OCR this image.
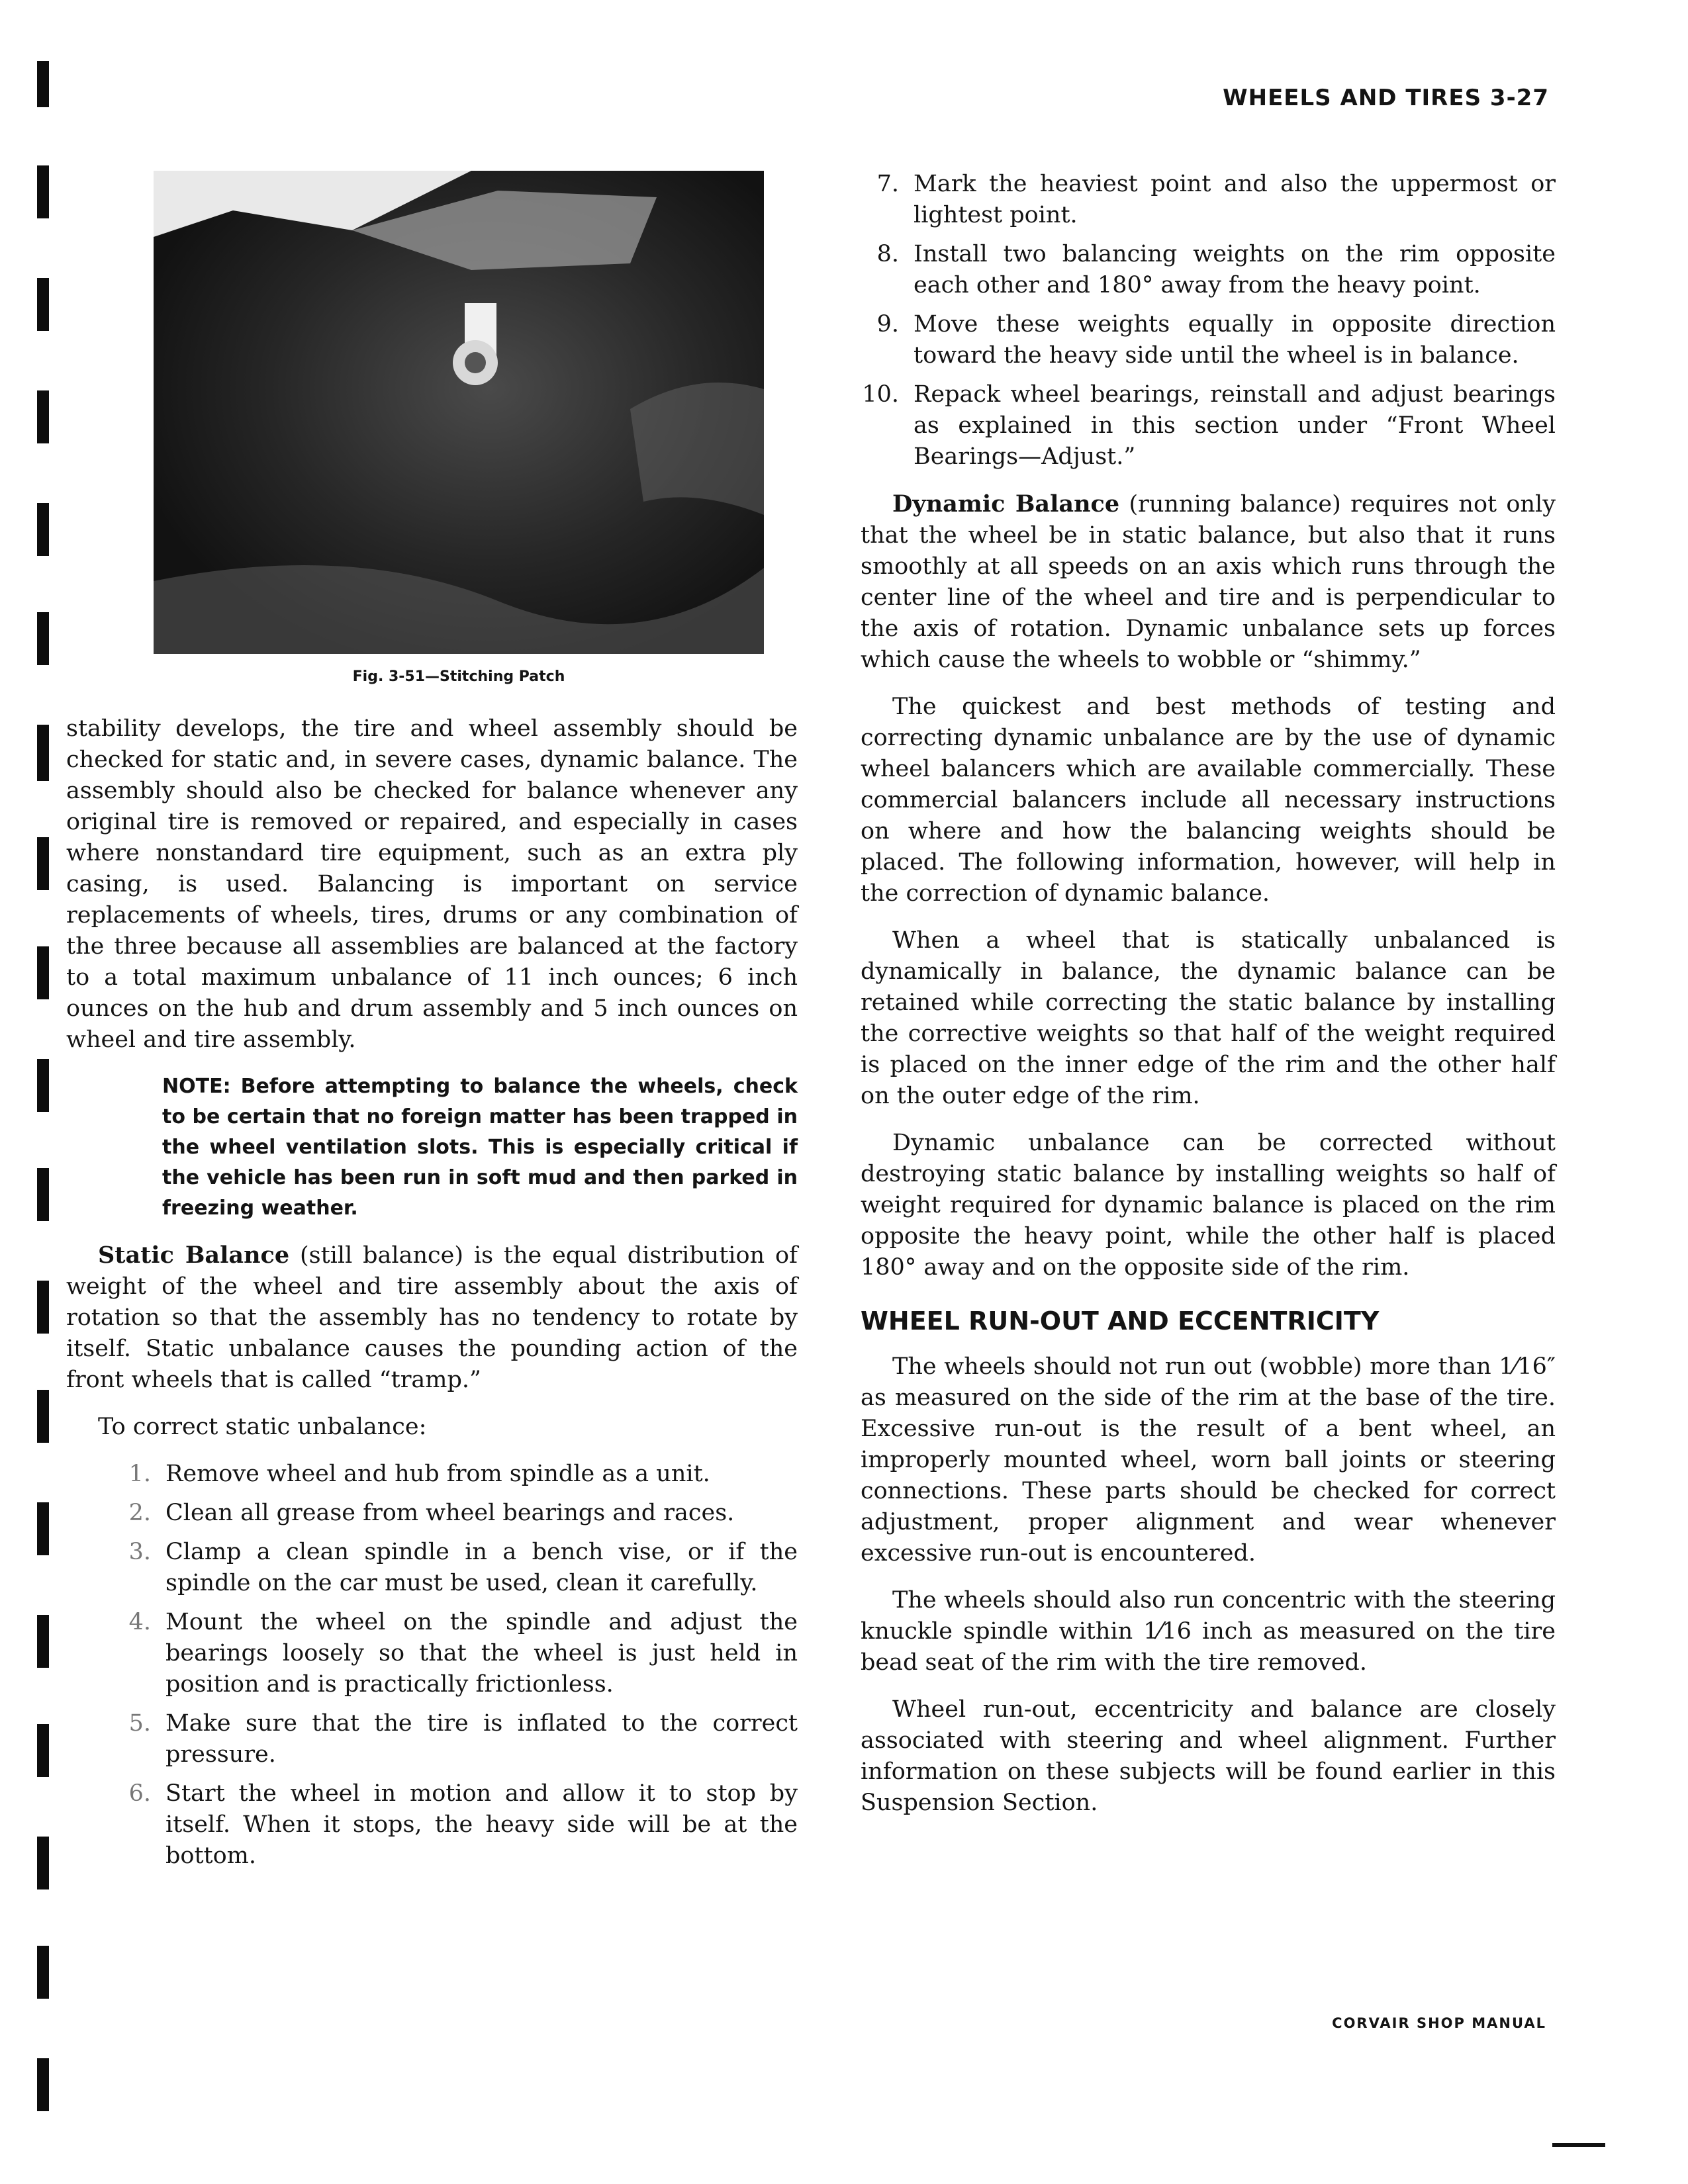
WHEELS AND TIRES 3-27
Fig. 3-51—Stitching Patch

stability develops, the tire and wheel assembly should be checked for static and, in severe cases, dynamic balance. The assembly should also be checked for balance whenever any original tire is removed or repaired, and especially in cases where nonstandard tire equipment, such as an extra ply casing, is used. Balancing is important on service replacements of wheels, tires, drums or any combination of the three because all assemblies are balanced at the factory to a total maximum unbalance of 11 inch ounces; 6 inch ounces on the hub and drum assembly and 5 inch ounces on wheel and tire assembly.

NOTE: Before attempting to balance the wheels, check to be certain that no foreign matter has been trapped in the wheel ventilation slots. This is especially critical if the vehicle has been run in soft mud and then parked in freezing weather.

Static Balance (still balance) is the equal distribution of weight of the wheel and tire assembly about the axis of rotation so that the assembly has no tendency to rotate by itself. Static unbalance causes the pounding action of the front wheels that is called “tramp.”

To correct static unbalance:

1. Remove wheel and hub from spindle as a unit.
2. Clean all grease from wheel bearings and races.
3. Clamp a clean spindle in a bench vise, or if the spindle on the car must be used, clean it carefully.
4. Mount the wheel on the spindle and adjust the bearings loosely so that the wheel is just held in position and is practically frictionless.
5. Make sure that the tire is inflated to the correct pressure.
6. Start the wheel in motion and allow it to stop by itself. When it stops, the heavy side will be at the bottom.
7. Mark the heaviest point and also the uppermost or lightest point.
8. Install two balancing weights on the rim opposite each other and 180° away from the heavy point.
9. Move these weights equally in opposite direction toward the heavy side until the wheel is in balance.
10. Repack wheel bearings, reinstall and adjust bearings as explained in this section under “Front Wheel Bearings—Adjust.”

Dynamic Balance (running balance) requires not only that the wheel be in static balance, but also that it runs smoothly at all speeds on an axis which runs through the center line of the wheel and tire and is perpendicular to the axis of rotation. Dynamic unbalance sets up forces which cause the wheels to wobble or “shimmy.”

The quickest and best methods of testing and correcting dynamic unbalance are by the use of dynamic wheel balancers which are available commercially. These commercial balancers include all necessary instructions on where and how the balancing weights should be placed. The following information, however, will help in the correction of dynamic balance.

When a wheel that is statically unbalanced is dynamically in balance, the dynamic balance can be retained while correcting the static balance by installing the corrective weights so that half of the weight required is placed on the inner edge of the rim and the other half on the outer edge of the rim.

Dynamic unbalance can be corrected without destroying static balance by installing weights so half of weight required for dynamic balance is placed on the rim opposite the heavy point, while the other half is placed 180° away and on the opposite side of the rim.

WHEEL RUN-OUT AND ECCENTRICITY

The wheels should not run out (wobble) more than 1⁄16″ as measured on the side of the rim at the base of the tire. Excessive run-out is the result of a bent wheel, an improperly mounted wheel, worn ball joints or steering connections. These parts should be checked for correct adjustment, proper alignment and wear whenever excessive run-out is encountered.

The wheels should also run concentric with the steering knuckle spindle within 1⁄16 inch as measured on the tire bead seat of the rim with the tire removed.

Wheel run-out, eccentricity and balance are closely associated with steering and wheel alignment. Further information on these subjects will be found earlier in this Suspension Section.

CORVAIR SHOP MANUAL
